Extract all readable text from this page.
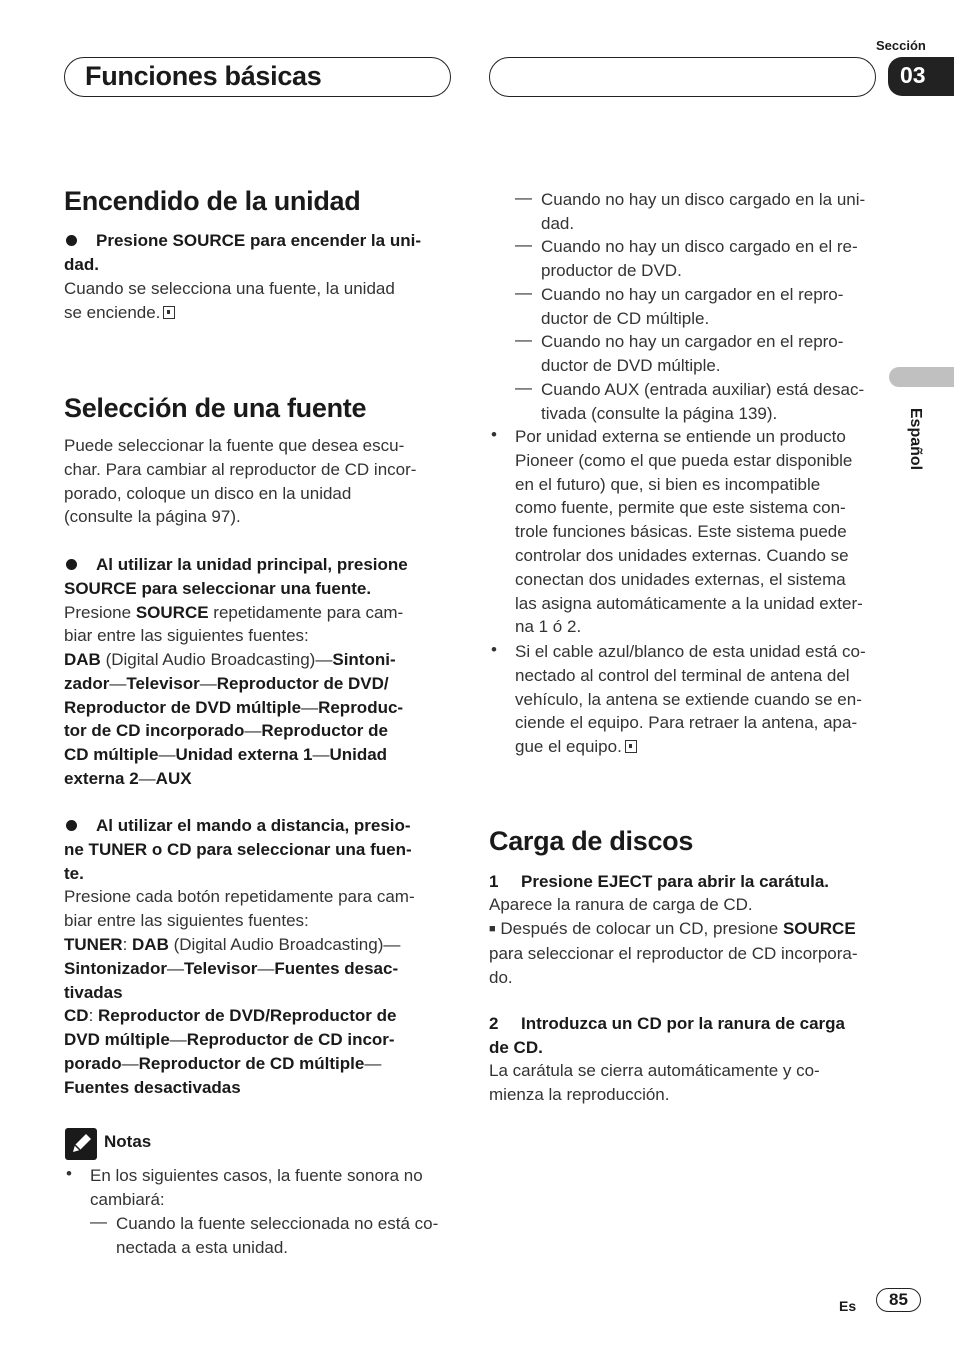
Funciones básicas
Sección
03
Español
Encendido de la unidad
Presione SOURCE para encender la uni-
dad.
Cuando se selecciona una fuente, la unidad
se enciende.
Selección de una fuente
Puede seleccionar la fuente que desea escu-
char. Para cambiar al reproductor de CD incor-
porado, coloque un disco en la unidad
(consulte la página 97).
Al utilizar la unidad principal, presione
SOURCE para seleccionar una fuente.
Presione SOURCE repetidamente para cam-
biar entre las siguientes fuentes:
DAB (Digital Audio Broadcasting)—Sintoni-
zador—Televisor—Reproductor de DVD/
Reproductor de DVD múltiple—Reproduc-
tor de CD incorporado—Reproductor de
CD múltiple—Unidad externa 1—Unidad
externa 2—AUX
Al utilizar el mando a distancia, presio-
ne TUNER o CD para seleccionar una fuen-
te.
Presione cada botón repetidamente para cam-
biar entre las siguientes fuentes:
TUNER: DAB (Digital Audio Broadcasting)—
Sintonizador—Televisor—Fuentes desac-
tivadas
CD: Reproductor de DVD/Reproductor de
DVD múltiple—Reproductor de CD incor-
porado—Reproductor de CD múltiple—
Fuentes desactivadas
Notas
• En los siguientes casos, la fuente sonora no
cambiará:
— Cuando la fuente seleccionada no está co-
nectada a esta unidad.
— Cuando no hay un disco cargado en la uni-
dad.
— Cuando no hay un disco cargado en el re-
productor de DVD.
— Cuando no hay un cargador en el repro-
ductor de CD múltiple.
— Cuando no hay un cargador en el repro-
ductor de DVD múltiple.
— Cuando AUX (entrada auxiliar) está desac-
tivada (consulte la página 139).
• Por unidad externa se entiende un producto
Pioneer (como el que pueda estar disponible
en el futuro) que, si bien es incompatible
como fuente, permite que este sistema con-
trole funciones básicas. Este sistema puede
controlar dos unidades externas. Cuando se
conectan dos unidades externas, el sistema
las asigna automáticamente a la unidad exter-
na 1 ó 2.
• Si el cable azul/blanco de esta unidad está co-
nectado al control del terminal de antena del
vehículo, la antena se extiende cuando se en-
ciende el equipo. Para retraer la antena, apa-
gue el equipo.
Carga de discos
1 Presione EJECT para abrir la carátula.
Aparece la ranura de carga de CD.
■ Después de colocar un CD, presione SOURCE
para seleccionar el reproductor de CD incorpora-
do.
2	Introduzca un CD por la ranura de carga
de CD.
La carátula se cierra automáticamente y co-
mienza la reproducción.
Es	85
